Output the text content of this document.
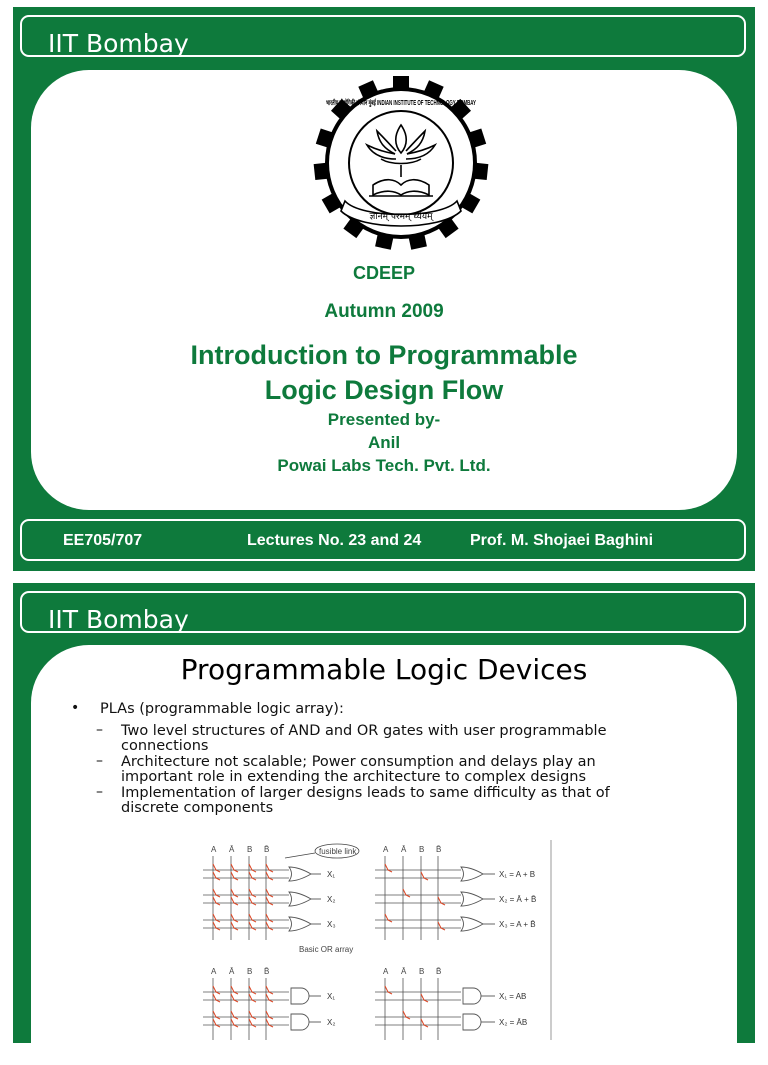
IIT Bombay
भारतीय प्रौद्योगिकी संस्थान मुंबई INDIAN INSTITUTE OF TECHNOLOGY BOMBAY
ज्ञानम् परमम् ध्येयम्
CDEEP
Autumn 2009
Introduction to Programmable
Logic Design Flow
Presented by-
Anil
Powai Labs Tech. Pvt. Ltd.
EE705/707	Lectures No. 23 and 24	Prof. M. Shojaei Baghini
IIT Bombay
Programmable Logic Devices
• PLAs (programmable logic array):
– Two level structures of AND and OR gates with user programmable connections
– Architecture not scalable; Power consumption and delays play an important role in extending the architecture to complex designs
– Implementation of larger designs leads to same difficulty as that of discrete components
A Ā B B̄
X₁
X₂
X₃
fusible link
Basic OR array
A Ā B B̄
X₁ = A + B
X₂ = Ā + B̄
X₃ = A + B̄
A Ā B B̄
X₁
X₂
A Ā B B̄
X₁ = AB
X₂ = ĀB
